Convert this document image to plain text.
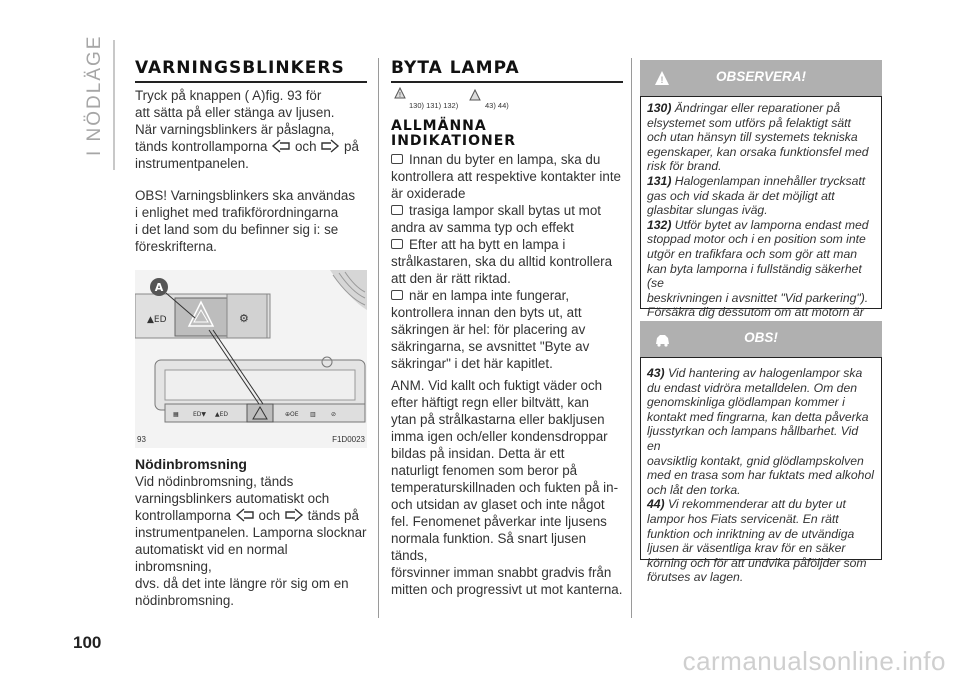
I NÖDLÄGE
100
VARNINGSBLINKERS

Tryck på knappen ( A)fig. 93 för
att sätta på eller stänga av ljusen.
När varningsblinkers är påslagna,
tänds kontrollamporna och på
instrumentpanelen.

OBS! Varningsblinkers ska användas
i enlighet med trafikförordningarna
i det land som du befinner sig i: se
föreskrifterna.

▲ED	⚙
A
▦ ED▼ ▲ED	⊕OE ▥	⊘
93	F1D0023
Nödinbromsning

Vid nödinbromsning, tänds
varningsblinkers automatiskt och
kontrollamporna och tänds på
instrumentpanelen. Lamporna slocknar
automatiskt vid en normal inbromsning,
dvs. då det inte längre rör sig om en
nödinbromsning.

BYTA LAMPA
!
130) 131) 132)	43) 44)
ALLMÄNNA
INDIKATIONER

Innan du byter en lampa, ska du
kontrollera att respektive kontakter inte
är oxiderade
trasiga lampor skall bytas ut mot
andra av samma typ och effekt
Efter att ha bytt en lampa i
strålkastaren, ska du alltid kontrollera
att den är rätt riktad.
när en lampa inte fungerar,
kontrollera innan den byts ut, att
säkringen är hel: för placering av
säkringarna, se avsnittet "Byte av
säkringar" i det här kapitlet.

ANM. Vid kallt och fuktigt väder och
efter häftigt regn eller biltvätt, kan
ytan på strålkastarna eller bakljusen
imma igen och/eller kondensdroppar
bildas på insidan. Detta är ett
naturligt fenomen som beror på
temperaturskillnaden och fukten på in-
och utsidan av glaset och inte något
fel. Fenomenet påverkar inte ljusens
normala funktion. Så snart ljusen tänds,
försvinner imman snabbt gradvis från
mitten och progressivt ut mot kanterna.

!	OBSERVERA!

130) Ändringar eller reparationer på
elsystemet som utförs på felaktigt sätt
och utan hänsyn till systemets tekniska
egenskaper, kan orsaka funktionsfel med
risk för brand.
131) Halogenlampan innehåller trycksatt
gas och vid skada är det möjligt att
glasbitar slungas iväg.
132) Utför bytet av lamporna endast med
stoppad motor och i en position som inte
utgör en trafikfara och som gör att man
kan byta lamporna i fullständig säkerhet (se
beskrivningen i avsnittet "Vid parkering").
Försäkra dig dessutom om att motorn är

OBS!

43) Vid hantering av halogenlampor ska
du endast vidröra metalldelen. Om den
genomskinliga glödlampan kommer i
kontakt med fingrarna, kan detta påverka
ljusstyrkan och lampans hållbarhet. Vid en
oavsiktlig kontakt, gnid glödlampskolven
med en trasa som har fuktats med alkohol
och låt den torka.
44) Vi rekommenderar att du byter ut
lampor hos Fiats servicenät. En rätt
funktion och inriktning av de utvändiga
ljusen är väsentliga krav för en säker
körning och för att undvika påföljder som
förutses av lagen.

carmanualsonline.info
